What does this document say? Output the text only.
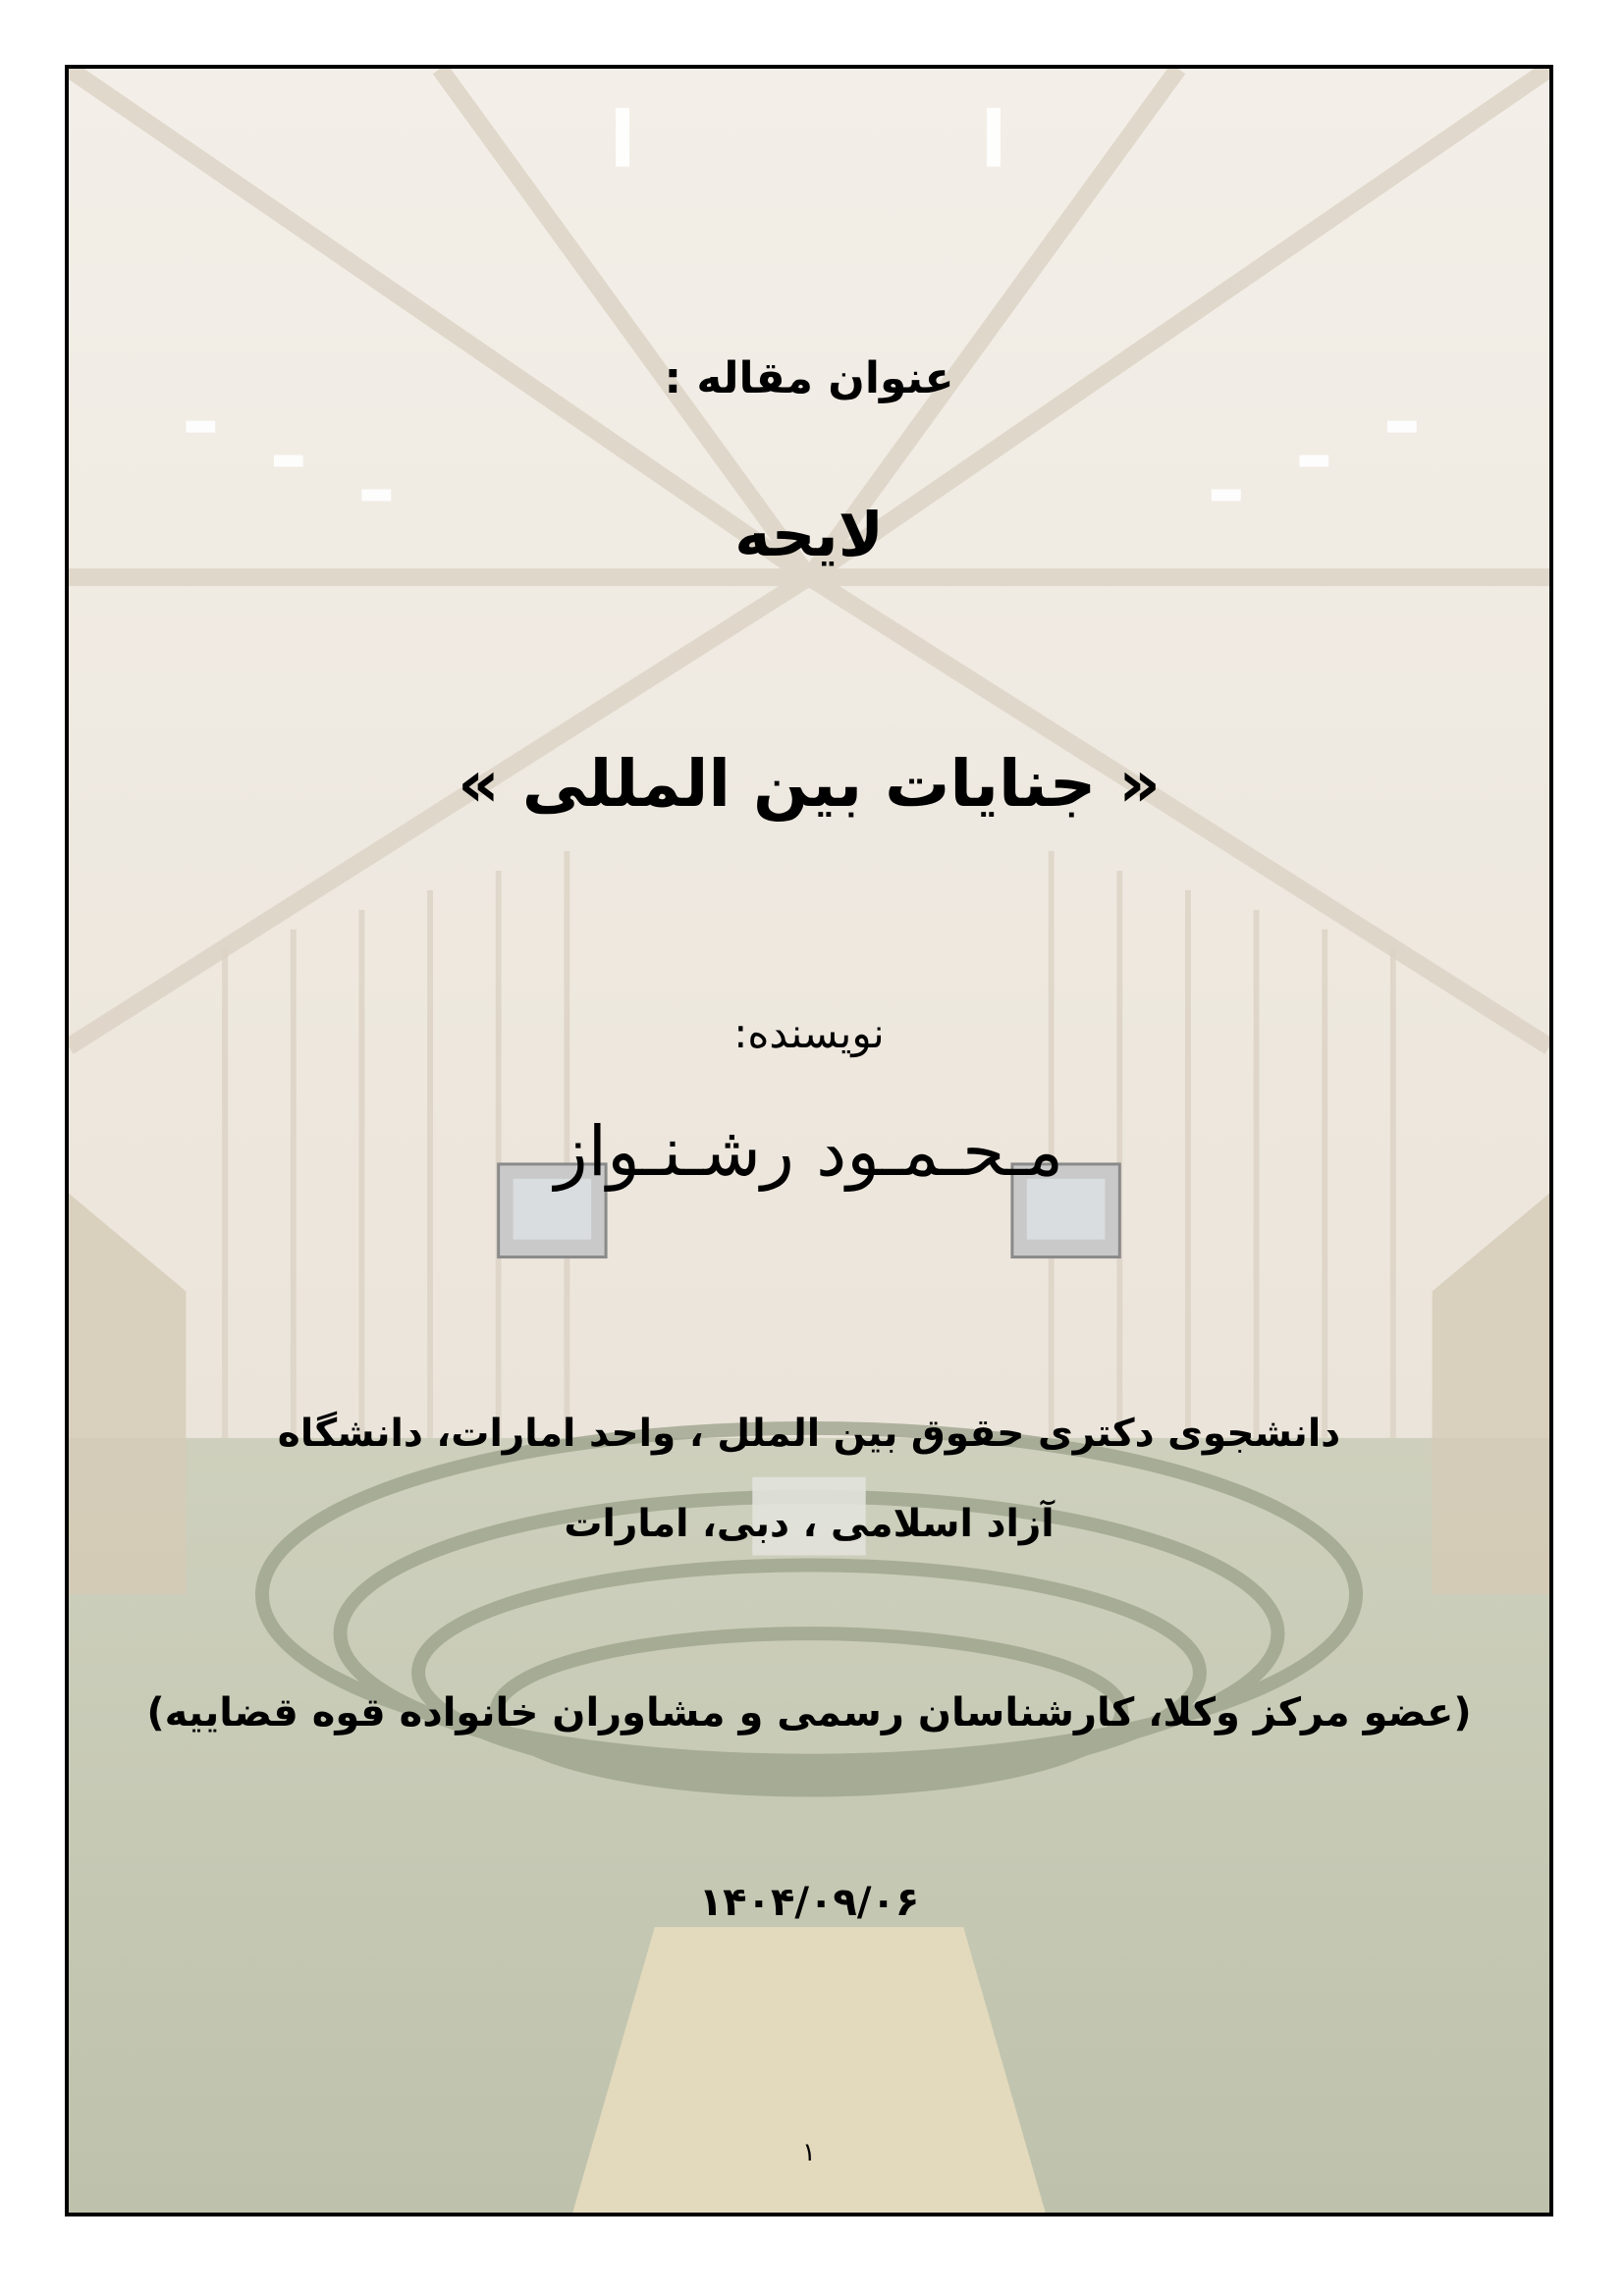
عنوان مقاله :
لایحه
« جنایات بین المللی »
نویسنده:
مـحـمـود رشـنـواز
دانشجوی دکتری حقوق بین الملل ، واحد امارات، دانشگاه
آزاد اسلامی ، دبی، امارات
(عضو مرکز وکلا، کارشناسان رسمی و مشاوران خانواده قوه قضاییه)
۱۴۰۴/۰۹/۰۶
۱
